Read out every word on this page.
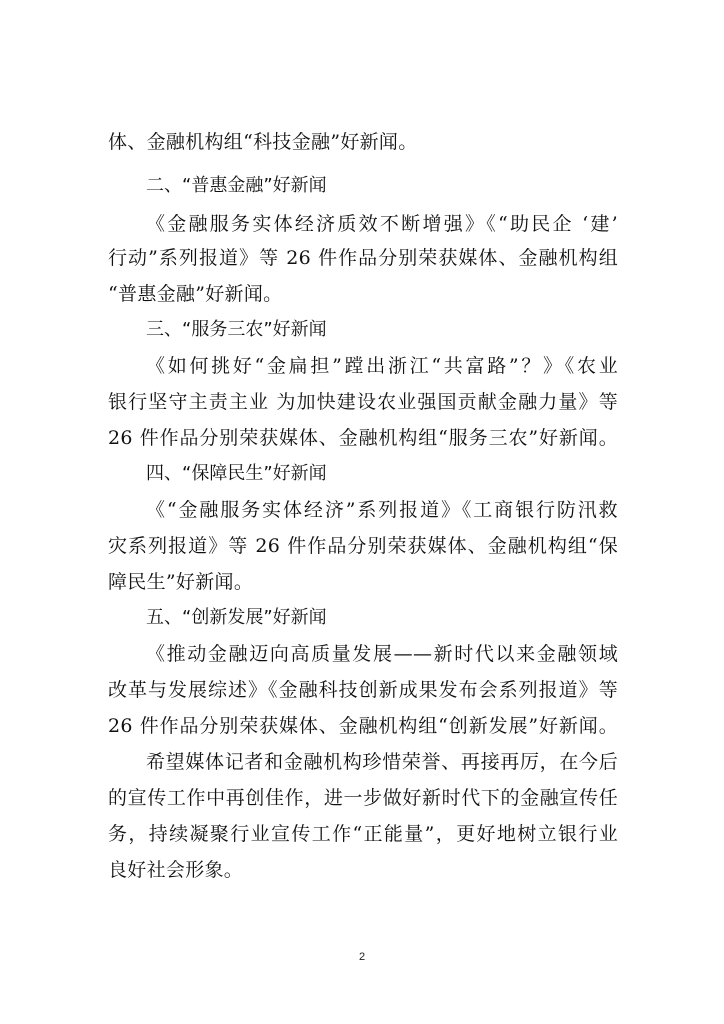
体、金融机构组“科技金融”好新闻。
二、“普惠金融”好新闻
《金融服务实体经济质效不断增强》《“助民企 ‘建’
行动”系列报道》等 26 件作品分别荣获媒体、金融机构组
“普惠金融”好新闻。
三、“服务三农”好新闻
《如何挑好“金扁担”蹚出浙江“共富路”？》《农业
银行坚守主责主业 为加快建设农业强国贡献金融力量》等
26 件作品分别荣获媒体、金融机构组“服务三农”好新闻。
四、“保障民生”好新闻
《“金融服务实体经济”系列报道》《工商银行防汛救
灾系列报道》等 26 件作品分别荣获媒体、金融机构组“保
障民生”好新闻。
五、“创新发展”好新闻
《推动金融迈向高质量发展——新时代以来金融领域
改革与发展综述》《金融科技创新成果发布会系列报道》等
26 件作品分别荣获媒体、金融机构组“创新发展”好新闻。
希望媒体记者和金融机构珍惜荣誉、再接再厉，在今后
的宣传工作中再创佳作，进一步做好新时代下的金融宣传任
务，持续凝聚行业宣传工作“正能量”，更好地树立银行业
良好社会形象。
2
